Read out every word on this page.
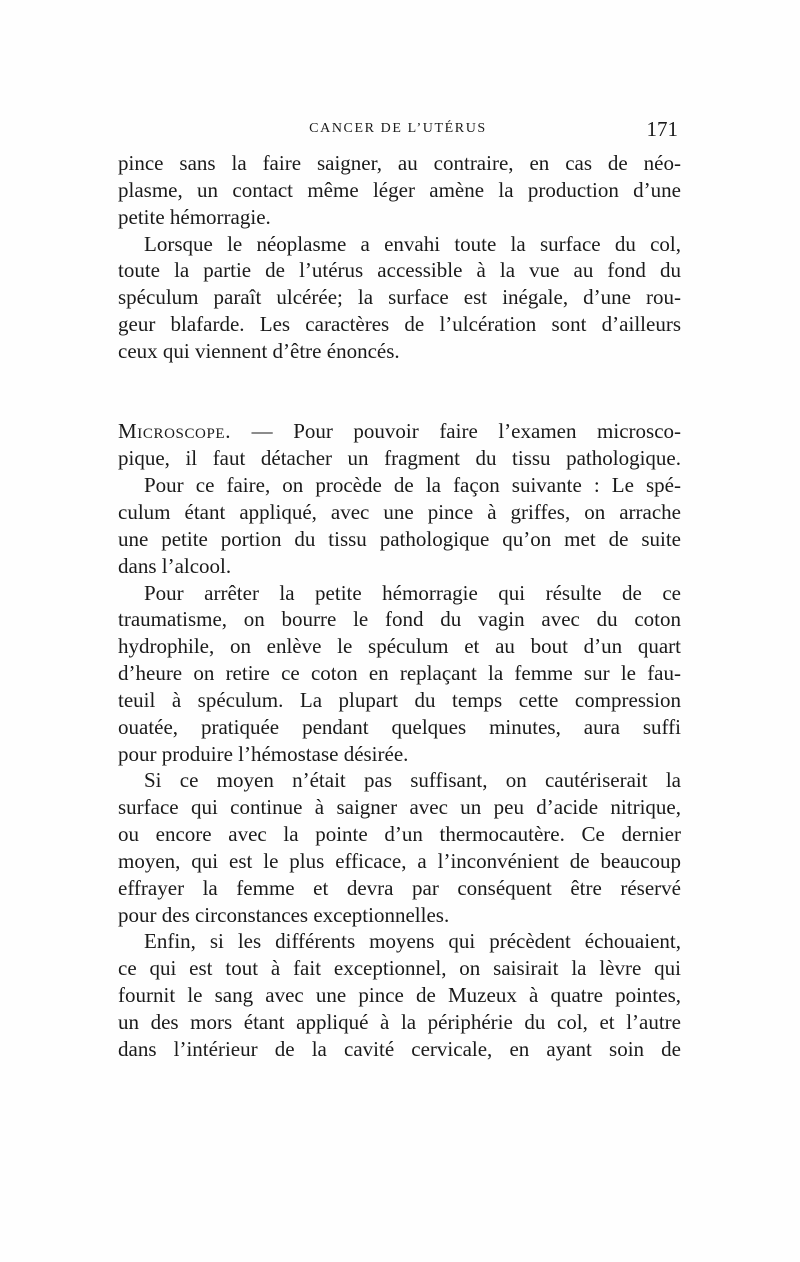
CANCER DE L’UTÉRUS	171
pince sans la faire saigner, au contraire, en cas de néo-
plasme, un contact même léger amène la production d’une
petite hémorragie.
Lorsque le néoplasme a envahi toute la surface du col,
toute la partie de l’utérus accessible à la vue au fond du
spéculum paraît ulcérée; la surface est inégale, d’une rou-
geur blafarde. Les caractères de l’ulcération sont d’ailleurs
ceux qui viennent d’être énoncés.
Microscope. — Pour pouvoir faire l’examen microsco-
pique, il faut détacher un fragment du tissu pathologique.
Pour ce faire, on procède de la façon suivante : Le spé-
culum étant appliqué, avec une pince à griffes, on arrache
une petite portion du tissu pathologique qu’on met de suite
dans l’alcool.
Pour arrêter la petite hémorragie qui résulte de ce
traumatisme, on bourre le fond du vagin avec du coton
hydrophile, on enlève le spéculum et au bout d’un quart
d’heure on retire ce coton en replaçant la femme sur le fau-
teuil à spéculum. La plupart du temps cette compression
ouatée, pratiquée pendant quelques minutes, aura suffi
pour produire l’hémostase désirée.
Si ce moyen n’était pas suffisant, on cautériserait la
surface qui continue à saigner avec un peu d’acide nitrique,
ou encore avec la pointe d’un thermocautère. Ce dernier
moyen, qui est le plus efficace, a l’inconvénient de beaucoup
effrayer la femme et devra par conséquent être réservé
pour des circonstances exceptionnelles.
Enfin, si les différents moyens qui précèdent échouaient,
ce qui est tout à fait exceptionnel, on saisirait la lèvre qui
fournit le sang avec une pince de Muzeux à quatre pointes,
un des mors étant appliqué à la périphérie du col, et l’autre
dans l’intérieur de la cavité cervicale, en ayant soin de
